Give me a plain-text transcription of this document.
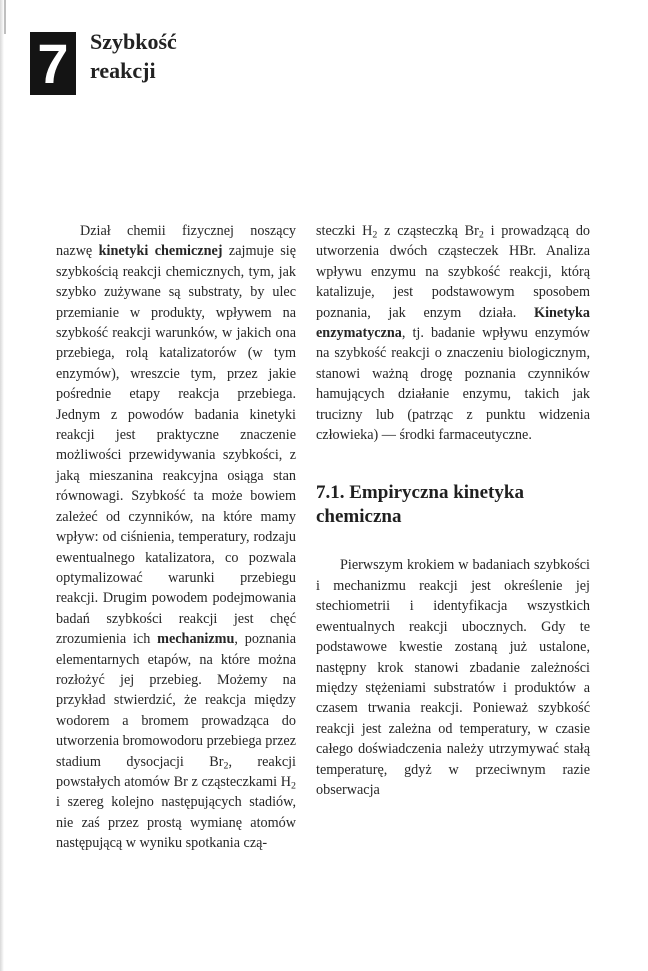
7 Szybkość
reakcji

Dział chemii fizycznej noszący nazwę kinetyki chemicznej zajmuje się szybkością reakcji chemicznych, tym, jak szybko zużywane są substraty, by ulec przemianie w produkty, wpływem na szybkość reakcji warunków, w jakich ona przebiega, rolą katalizatorów (w tym enzymów), wreszcie tym, przez jakie pośrednie etapy reakcja przebiega. Jednym z powodów badania kinetyki reakcji jest praktyczne znaczenie możliwości przewidywania szybkości, z jaką mieszanina reakcyjna osiąga stan równowagi. Szybkość ta może bowiem zależeć od czynników, na które mamy wpływ: od ciśnienia, temperatury, rodzaju ewentualnego katalizatora, co pozwala optymalizować warunki przebiegu reakcji. Drugim powodem podejmowania badań szybkości reakcji jest chęć zrozumienia ich mechanizmu, poznania elementarnych etapów, na które można rozłożyć jej przebieg. Możemy na przykład stwierdzić, że reakcja między wodorem a bromem prowadząca do utworzenia bromowodoru przebiega przez stadium dysocjacji $Br_2$, reakcji powstałych atomów Br z cząsteczkami $H_2$ i szereg kolejno następujących stadiów, nie zaś przez prostą wymianę atomów następującą w wyniku spotkania czą-

steczki $H_2$ z cząsteczką $Br_2$ i prowadzącą do utworzenia dwóch cząsteczek HBr. Analiza wpływu enzymu na szybkość reakcji, którą katalizuje, jest podstawowym sposobem poznania, jak enzym działa. Kinetyka enzymatyczna, tj. badanie wpływu enzymów na szybkość reakcji o znaczeniu biologicznym, stanowi ważną drogę poznania czynników hamujących działanie enzymu, takich jak trucizny lub (patrząc z punktu widzenia człowieka) — środki farmaceutyczne.

7.1. Empiryczna kinetyka chemiczna

Pierwszym krokiem w badaniach szybkości i mechanizmu reakcji jest określenie jej stechiometrii i identyfikacja wszystkich ewentualnych reakcji ubocznych. Gdy te podstawowe kwestie zostaną już ustalone, następny krok stanowi zbadanie zależności między stężeniami substratów i produktów a czasem trwania reakcji. Ponieważ szybkość reakcji jest zależna od temperatury, w czasie całego doświadczenia należy utrzymywać stałą temperaturę, gdyż w przeciwnym razie obserwacja
